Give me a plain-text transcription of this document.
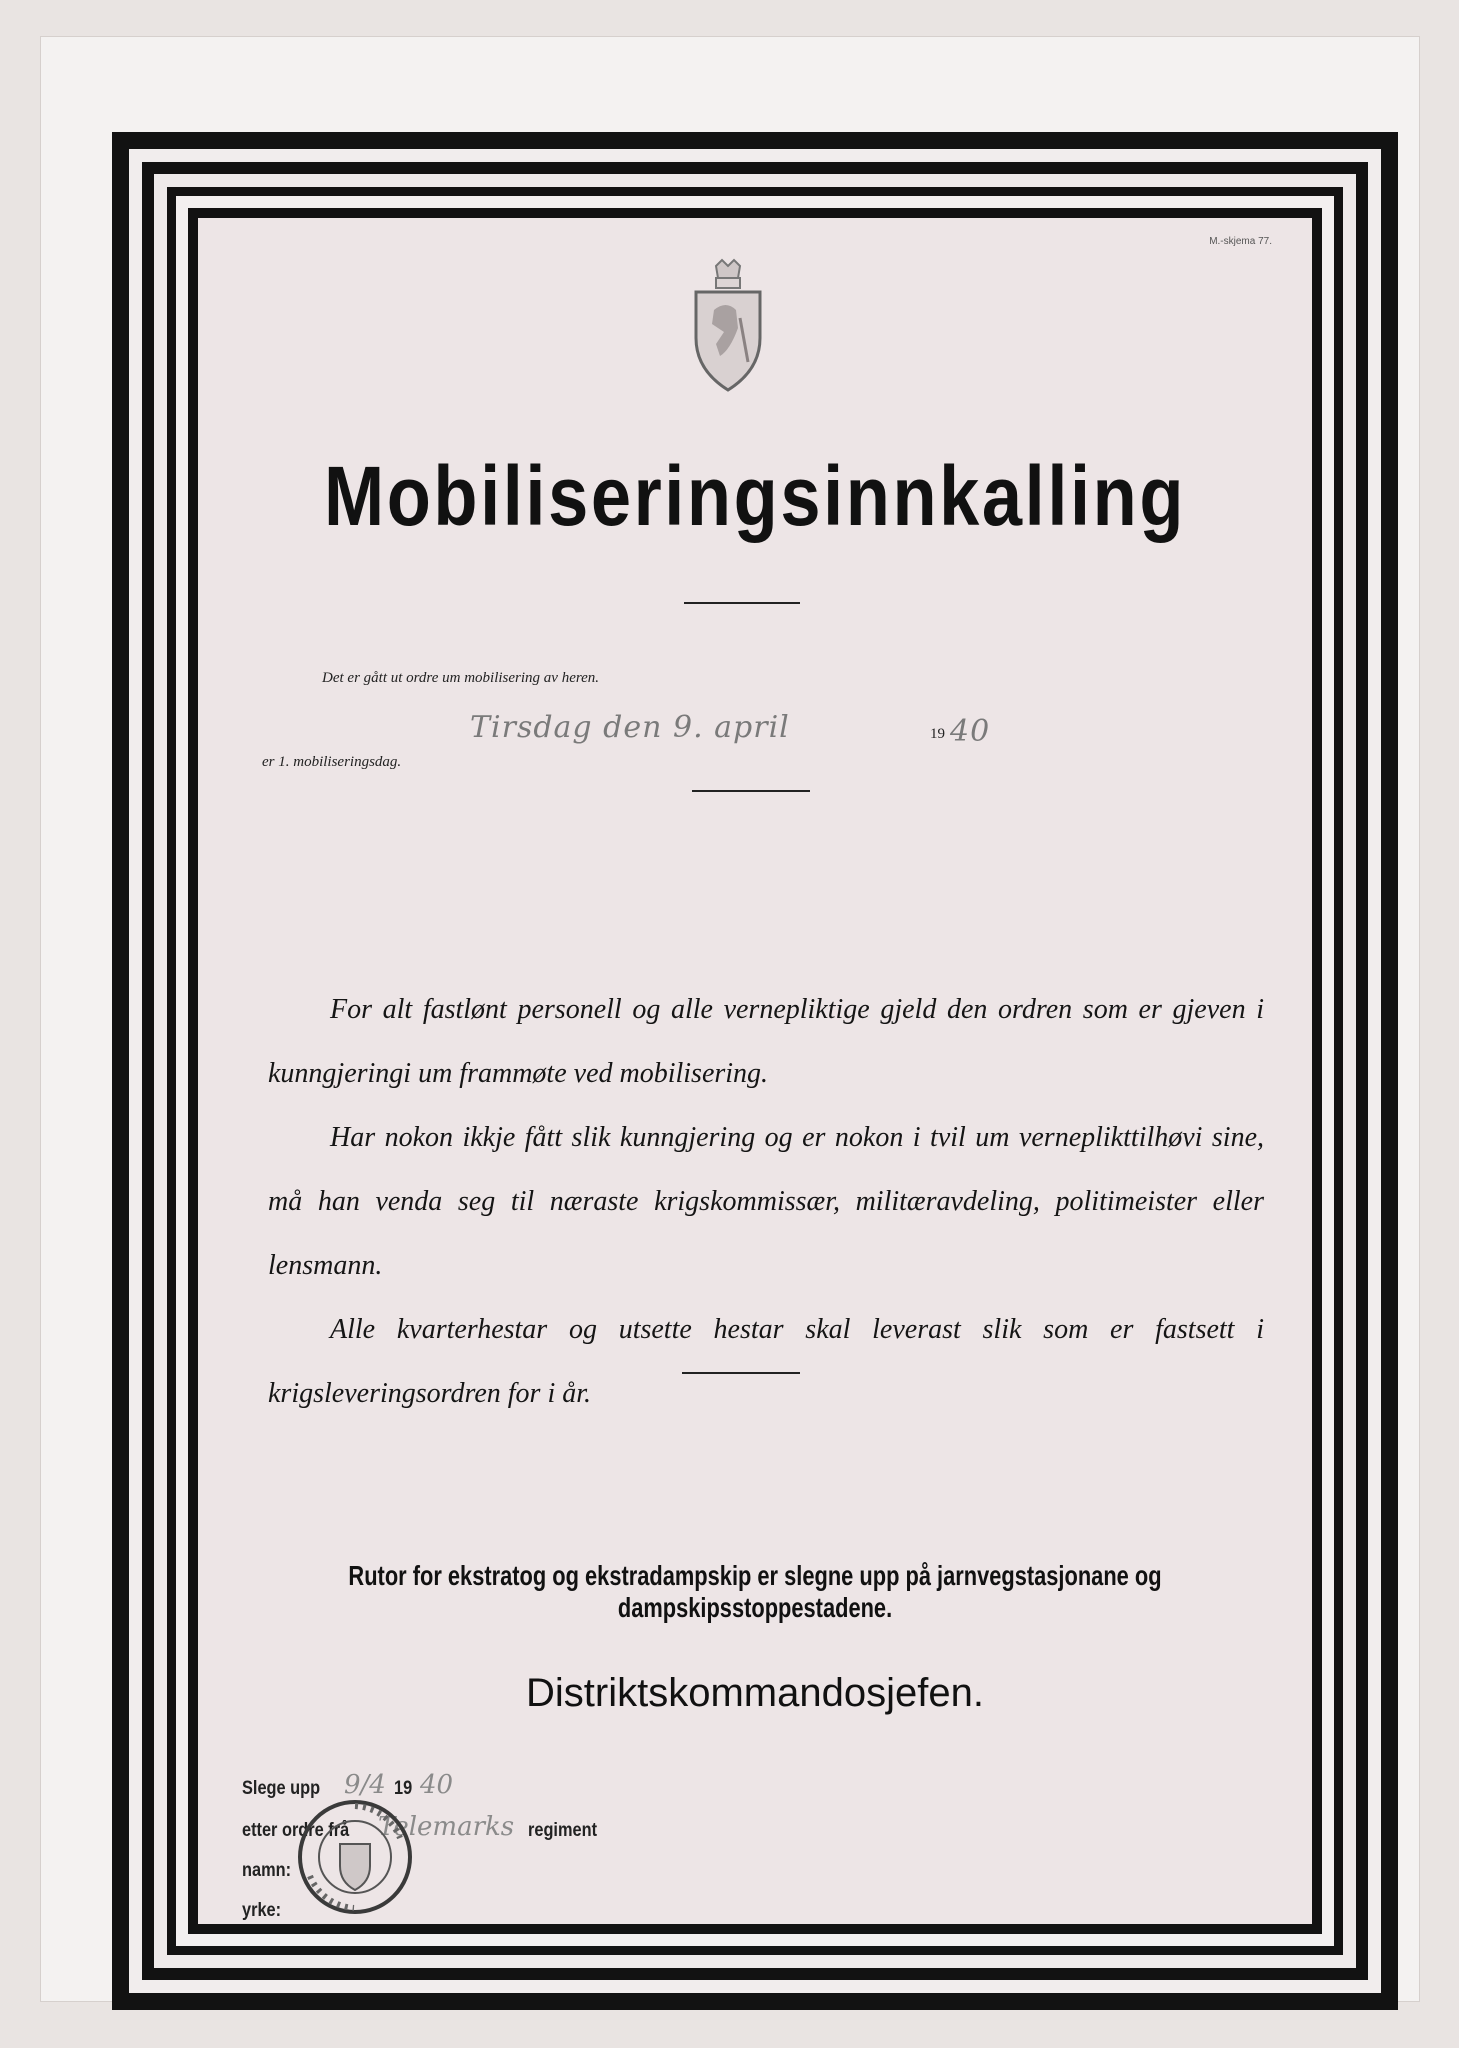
M.-skjema 77.
Mobiliseringsinnkalling
Det er gått ut ordre um mobilisering av heren.
Tirsdag den 9. april	19 40
er 1. mobiliseringsdag.

For alt fastlønt personell og alle vernepliktige gjeld den ordren som er gjeven i kunngjeringi um frammøte ved mobilisering.

Har nokon ikkje fått slik kunngjering og er nokon i tvil um verneplikttilhøvi sine, må han venda seg til næraste krigskommissær, militæravdeling, politimeister eller lensmann.

Alle kvarterhestar og utsette hestar skal leverast slik som er fastsett i krigsleveringsordren for i år.

Rutor for ekstratog og ekstradampskip er slegne upp på jarnvegstasjonane og dampskipsstoppestadene.
Distriktskommandosjefen.
Slege upp 9/4 19 40
etter ordre frå Telemarks regiment
namn:
yrke:
